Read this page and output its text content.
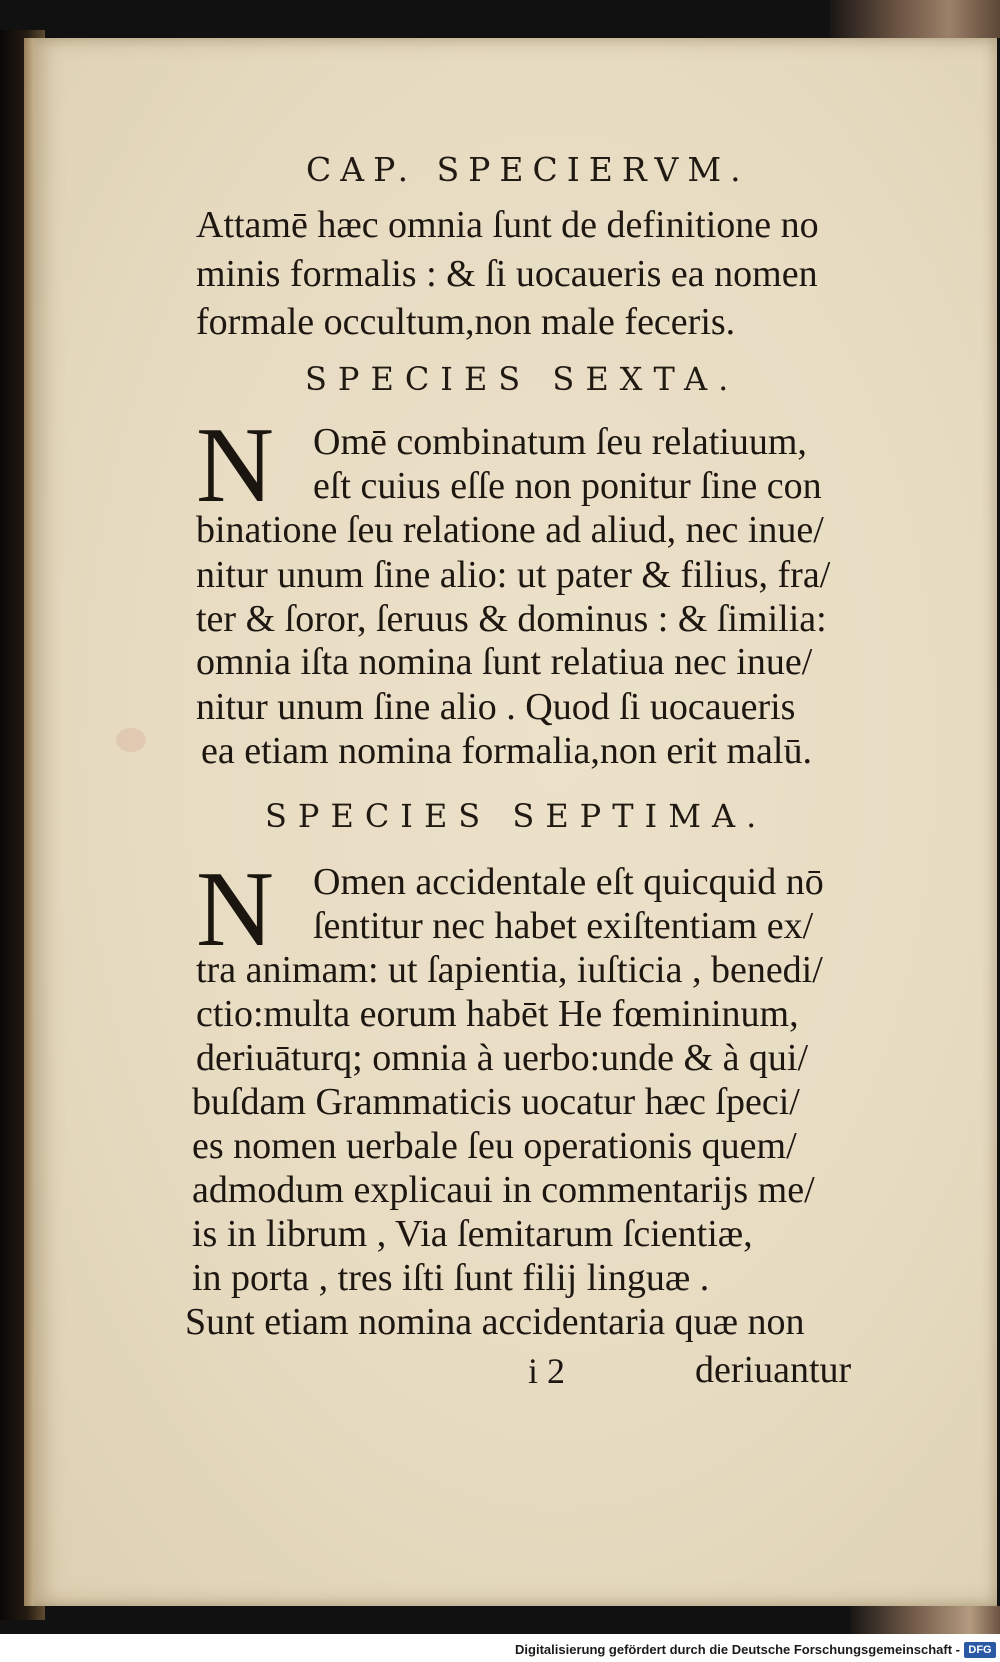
CAP. SPECIERVM.
Attamē hæc omnia ſunt de definitione no
minis formalis : & ſi uocaueris ea nomen
formale occultum,non male feceris.
SPECIES SEXTA.
N Omē combinatum ſeu relatiuum,
eſt cuius eſſe non ponitur ſine con
binatione ſeu relatione ad aliud, nec inue/
nitur unum ſine alio: ut pater & filius, fra/
ter & ſoror, ſeruus & dominus : & ſimilia:
omnia iſta nomina ſunt relatiua nec inue/
nitur unum ſine alio . Quod ſi uocaueris
ea etiam nomina formalia,non erit malū.
SPECIES SEPTIMA.
N Omen accidentale eſt quicquid nō
ſentitur nec habet exiſtentiam ex/
tra animam: ut ſapientia, iuſticia , benedi/
ctio:multa eorum habēt He fœmininum,
deriuāturq; omnia à uerbo:unde & à qui/
buſdam Grammaticis uocatur hæc ſpeci/
es nomen uerbale ſeu operationis quem/
admodum explicaui in commentarijs me/
is in librum , Via ſemitarum ſcientiæ,
in porta , tres iſti ſunt filij linguæ .
Sunt etiam nomina accidentaria quæ non
i 2	deriuantur
Digitalisierung gefördert durch die Deutsche Forschungsgemeinschaft - DFG
